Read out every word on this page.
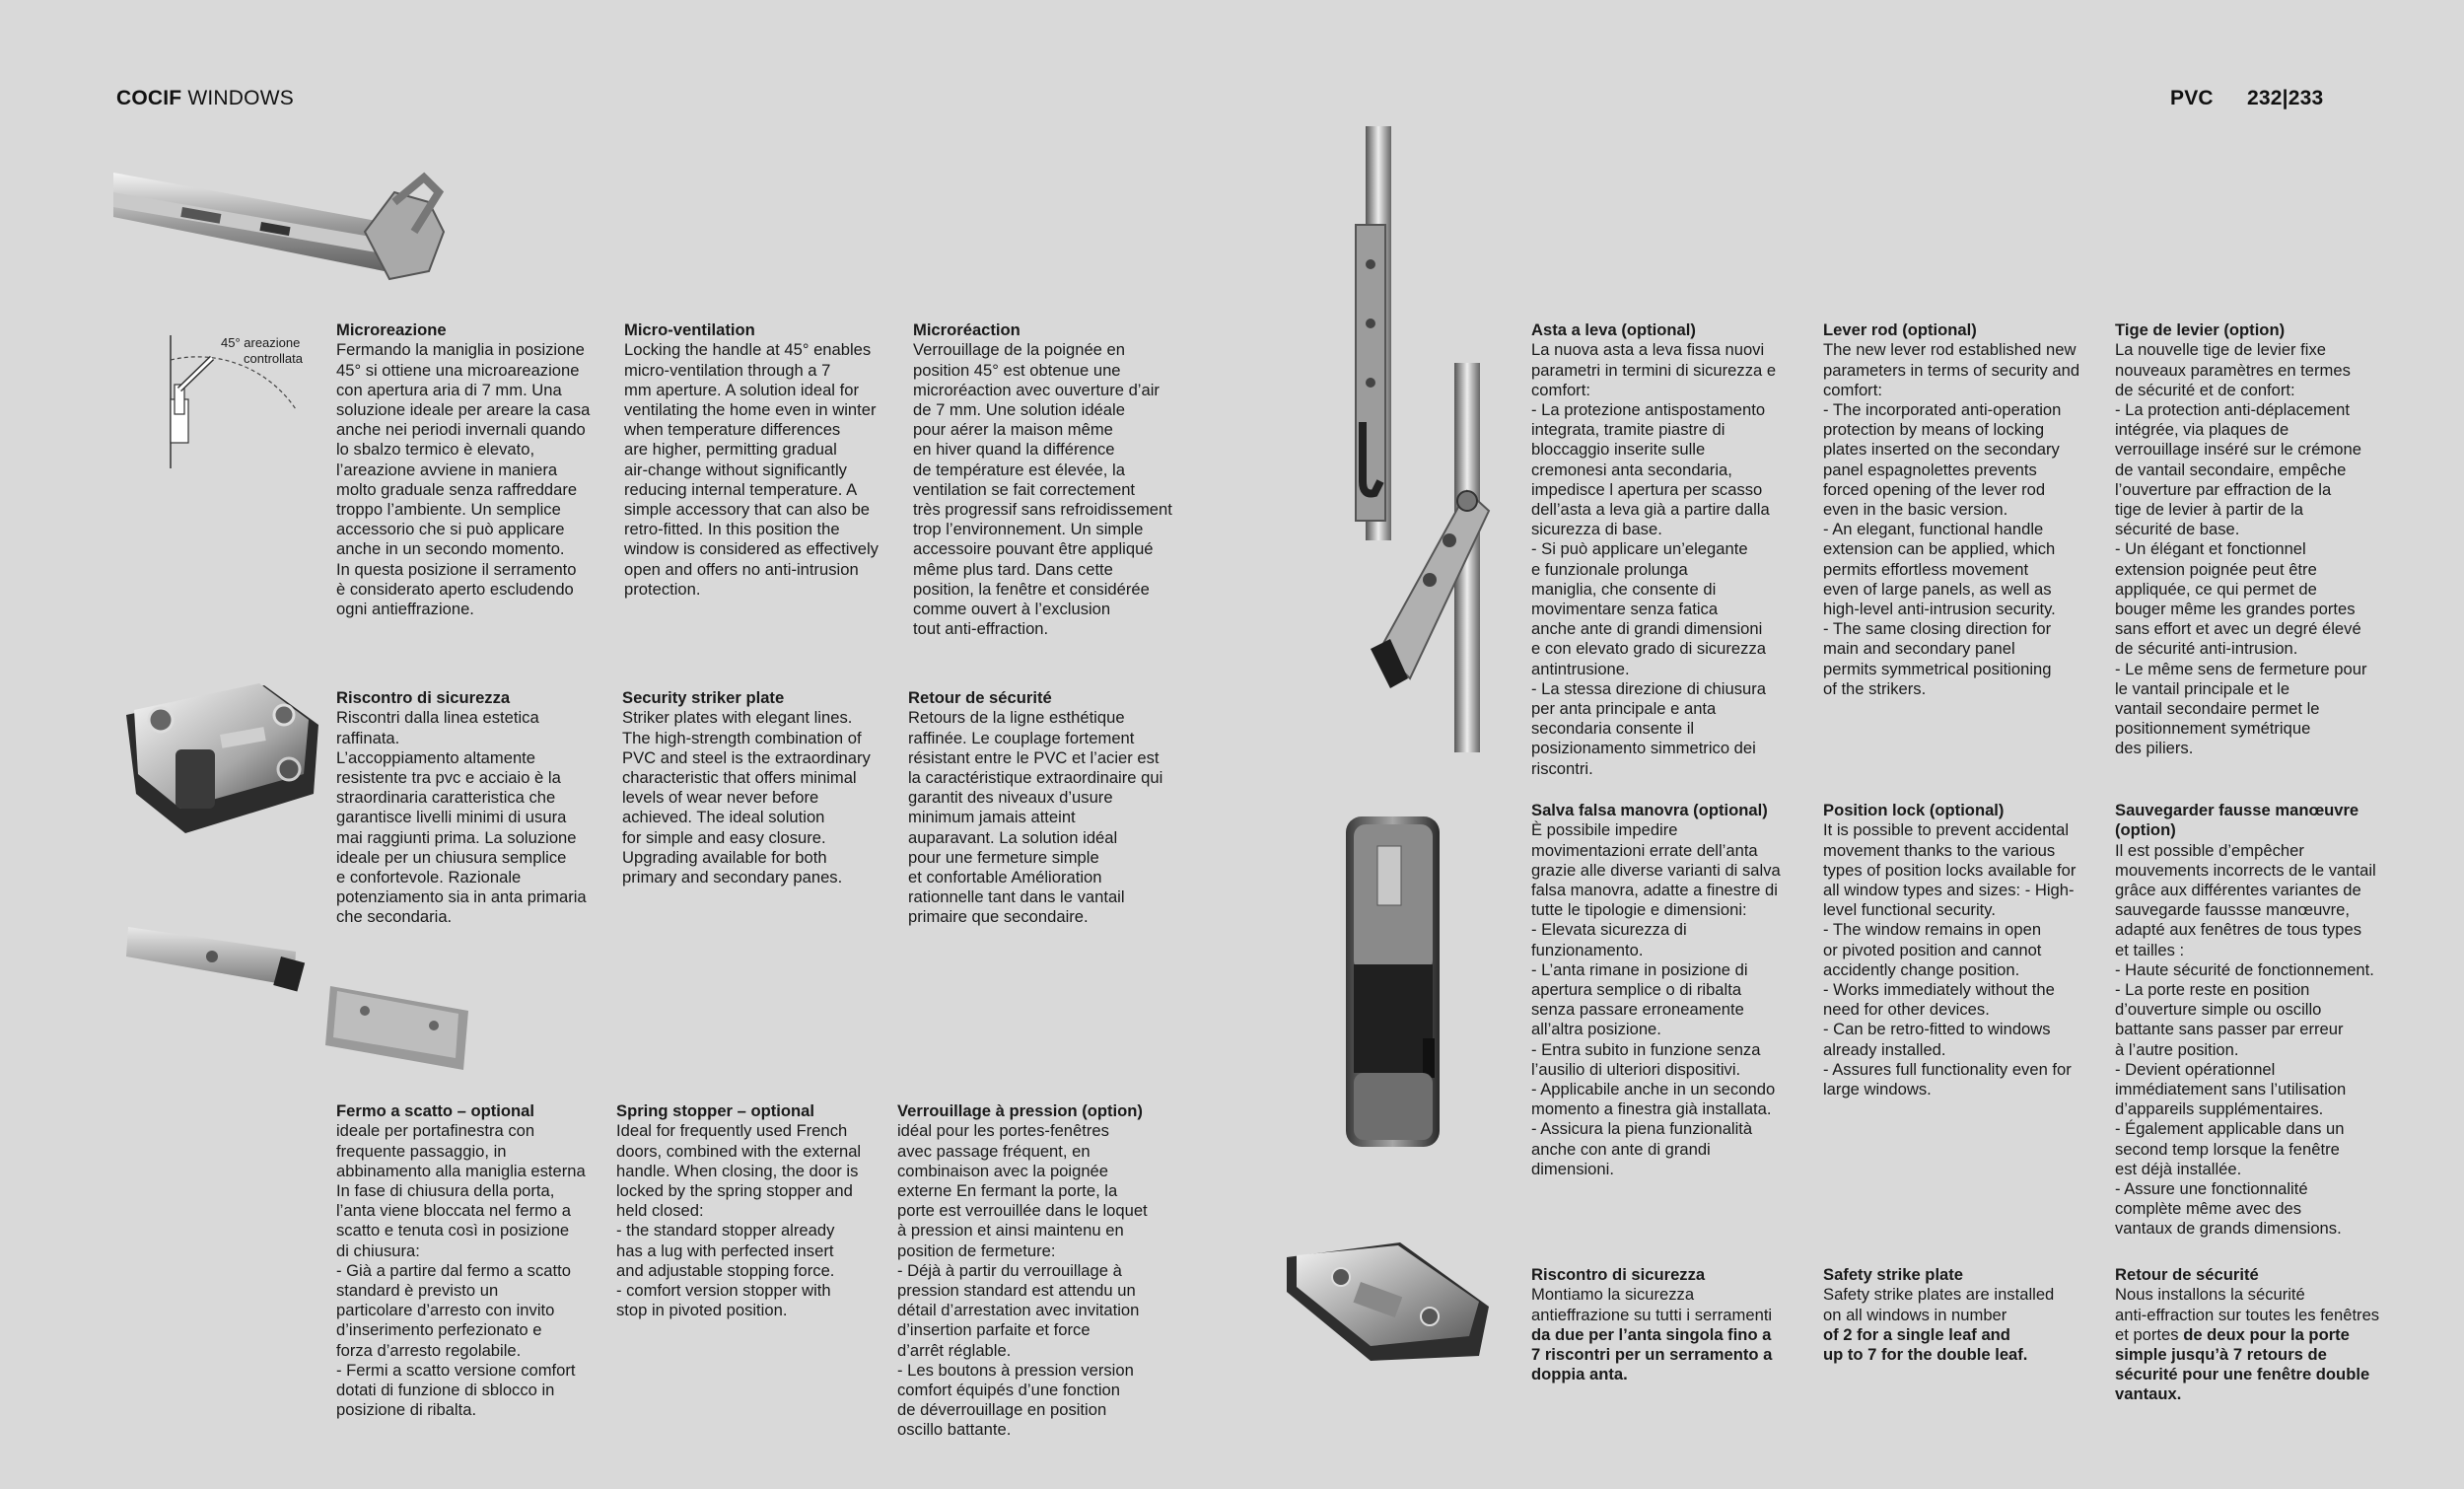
COCIF WINDOWS	PVC 232|233
45° areazione
controllata

Microreazione
Fermando la maniglia in posizione
45° si ottiene una microareazione
con apertura aria di 7 mm. Una
soluzione ideale per areare la casa
anche nei periodi invernali quando
lo sbalzo termico è elevato,
l’areazione avviene in maniera
molto graduale senza raffreddare
troppo l’ambiente. Un semplice
accessorio che si può applicare
anche in un secondo momento.
In questa posizione il serramento
è considerato aperto escludendo
ogni antieffrazione.

Micro-ventilation
Locking the handle at 45° enables
micro-ventilation through a 7
mm aperture. A solution ideal for
ventilating the home even in winter
when temperature differences
are higher, permitting gradual
air-change without significantly
reducing internal temperature. A
simple accessory that can also be
retro-fitted. In this position the
window is considered as effectively
open and offers no anti-intrusion
protection.

Microréaction
Verrouillage de la poignée en
position 45° est obtenue une
microréaction avec ouverture d’air
de 7 mm. Une solution idéale
pour aérer la maison même
en hiver quand la différence
de température est élevée, la
ventilation se fait correctement
très progressif sans refroidissement
trop l’environnement. Un simple
accessoire pouvant être appliqué
même plus tard. Dans cette
position, la fenêtre et considérée
comme ouvert à l’exclusion
tout anti-effraction.

Riscontro di sicurezza
Riscontri dalla linea estetica
raffinata.
L’accoppiamento altamente
resistente tra pvc e acciaio è la
straordinaria caratteristica che
garantisce livelli minimi di usura
mai raggiunti prima. La soluzione
ideale per un chiusura semplice
e confortevole. Razionale
potenziamento sia in anta primaria
che secondaria.

Security striker plate
Striker plates with elegant lines.
The high-strength combination of
PVC and steel is the extraordinary
characteristic that offers minimal
levels of wear never before
achieved. The ideal solution
for simple and easy closure.
Upgrading available for both
primary and secondary panes.

Retour de sécurité
Retours de la ligne esthétique
raffinée. Le couplage fortement
résistant entre le PVC et l’acier est
la caractéristique extraordinaire qui
garantit des niveaux d’usure
minimum jamais atteint
auparavant. La solution idéal
pour une fermeture simple
et confortable Amélioration
rationnelle tant dans le vantail
primaire que secondaire.

Fermo a scatto – optional
ideale per portafinestra con
frequente passaggio, in
abbinamento alla maniglia esterna
In fase di chiusura della porta,
l’anta viene bloccata nel fermo a
scatto e tenuta così in posizione
di chiusura:
- Già a partire dal fermo a scatto
standard è previsto un
particolare d’arresto con invito
d’inserimento perfezionato e
forza d’arresto regolabile.
- Fermi a scatto versione comfort
dotati di funzione di sblocco in
posizione di ribalta.

Spring stopper – optional
Ideal for frequently used French
doors, combined with the external
handle. When closing, the door is
locked by the spring stopper and
held closed:
- the standard stopper already
has a lug with perfected insert
and adjustable stopping force.
- comfort version stopper with
stop in pivoted position.

Verrouillage à pression (option)
idéal pour les portes-fenêtres
avec passage fréquent, en
combinaison avec la poignée
externe En fermant la porte, la
porte est verrouillée dans le loquet
à pression et ainsi maintenu en
position de fermeture:
- Déjà à partir du verrouillage à
pression standard est attendu un
détail d’arrestation avec invitation
d’insertion parfaite et force
d’arrêt réglable.
- Les boutons à pression version
comfort équipés d’une fonction
de déverrouillage en position
oscillo battante.

Asta a leva (optional)
La nuova asta a leva fissa nuovi
parametri in termini di sicurezza e
comfort:
- La protezione antispostamento
integrata, tramite piastre di
bloccaggio inserite sulle
cremonesi anta secondaria,
impedisce l apertura per scasso
dell’asta a leva già a partire dalla
sicurezza di base.
- Si può applicare un’elegante
e funzionale prolunga
maniglia, che consente di
movimentare senza fatica
anche ante di grandi dimensioni
e con elevato grado di sicurezza
antintrusione.
- La stessa direzione di chiusura
per anta principale e anta
secondaria consente il
posizionamento simmetrico dei
riscontri.

Lever rod (optional)
The new lever rod established new
parameters in terms of security and
comfort:
- The incorporated anti-operation
protection by means of locking
plates inserted on the secondary
panel espagnolettes prevents
forced opening of the lever rod
even in the basic version.
- An elegant, functional handle
extension can be applied, which
permits effortless movement
even of large panels, as well as
high-level anti-intrusion security.
- The same closing direction for
main and secondary panel
permits symmetrical positioning
of the strikers.

Tige de levier (option)
La nouvelle tige de levier fixe
nouveaux paramètres en termes
de sécurité et de confort:
- La protection anti-déplacement
intégrée, via plaques de
verrouillage inséré sur le crémone
de vantail secondaire, empêche
l’ouverture par effraction de la
tige de levier à partir de la
sécurité de base.
- Un élégant et fonctionnel
extension poignée peut être
appliquée, ce qui permet de
bouger même les grandes portes
sans effort et avec un degré élevé
de sécurité anti-intrusion.
- Le même sens de fermeture pour
le vantail principale et le
vantail secondaire permet le
positionnement symétrique
des piliers.

Salva falsa manovra (optional)
È possibile impedire
movimentazioni errate dell’anta
grazie alle diverse varianti di salva
falsa manovra, adatte a finestre di
tutte le tipologie e dimensioni:
- Elevata sicurezza di
funzionamento.
- L’anta rimane in posizione di
apertura semplice o di ribalta
senza passare erroneamente
all’altra posizione.
- Entra subito in funzione senza
l’ausilio di ulteriori dispositivi.
- Applicabile anche in un secondo
momento a finestra già installata.
- Assicura la piena funzionalità
anche con ante di grandi
dimensioni.

Position lock (optional)
It is possible to prevent accidental
movement thanks to the various
types of position locks available for
all window types and sizes: - High-
level functional security.
- The window remains in open
or pivoted position and cannot
accidently change position.
- Works immediately without the
need for other devices.
- Can be retro-fitted to windows
already installed.
- Assures full functionality even for
large windows.

Sauvegarder fausse manœuvre
(option)
Il est possible d’empêcher
mouvements incorrects de le vantail
grâce aux différentes variantes de
sauvegarde faussse manœuvre,
adapté aux fenêtres de tous types
et tailles :
- Haute sécurité de fonctionnement.
- La porte reste en position
d’ouverture simple ou oscillo
battante sans passer par erreur
à l’autre position.
- Devient opérationnel
immédiatement sans l’utilisation
d’appareils supplémentaires.
- Également applicable dans un
second temp lorsque la fenêtre
est déjà installée.
- Assure une fonctionnalité
complète même avec des
vantaux de grands dimensions.

Riscontro di sicurezza
Montiamo la sicurezza
antieffrazione su tutti i serramenti

da due per l’anta singola fino a
7 riscontri per un serramento a
doppia anta.

Safety strike plate
Safety strike plates are installed
on all windows in number

of 2 for a single leaf and
up to 7 for the double leaf.

Retour de sécurité
Nous installons la sécurité
anti-effraction sur toutes les fenêtres
et portes de deux pour la porte
simple jusqu’à 7 retours de
sécurité pour une fenêtre double
vantaux.
